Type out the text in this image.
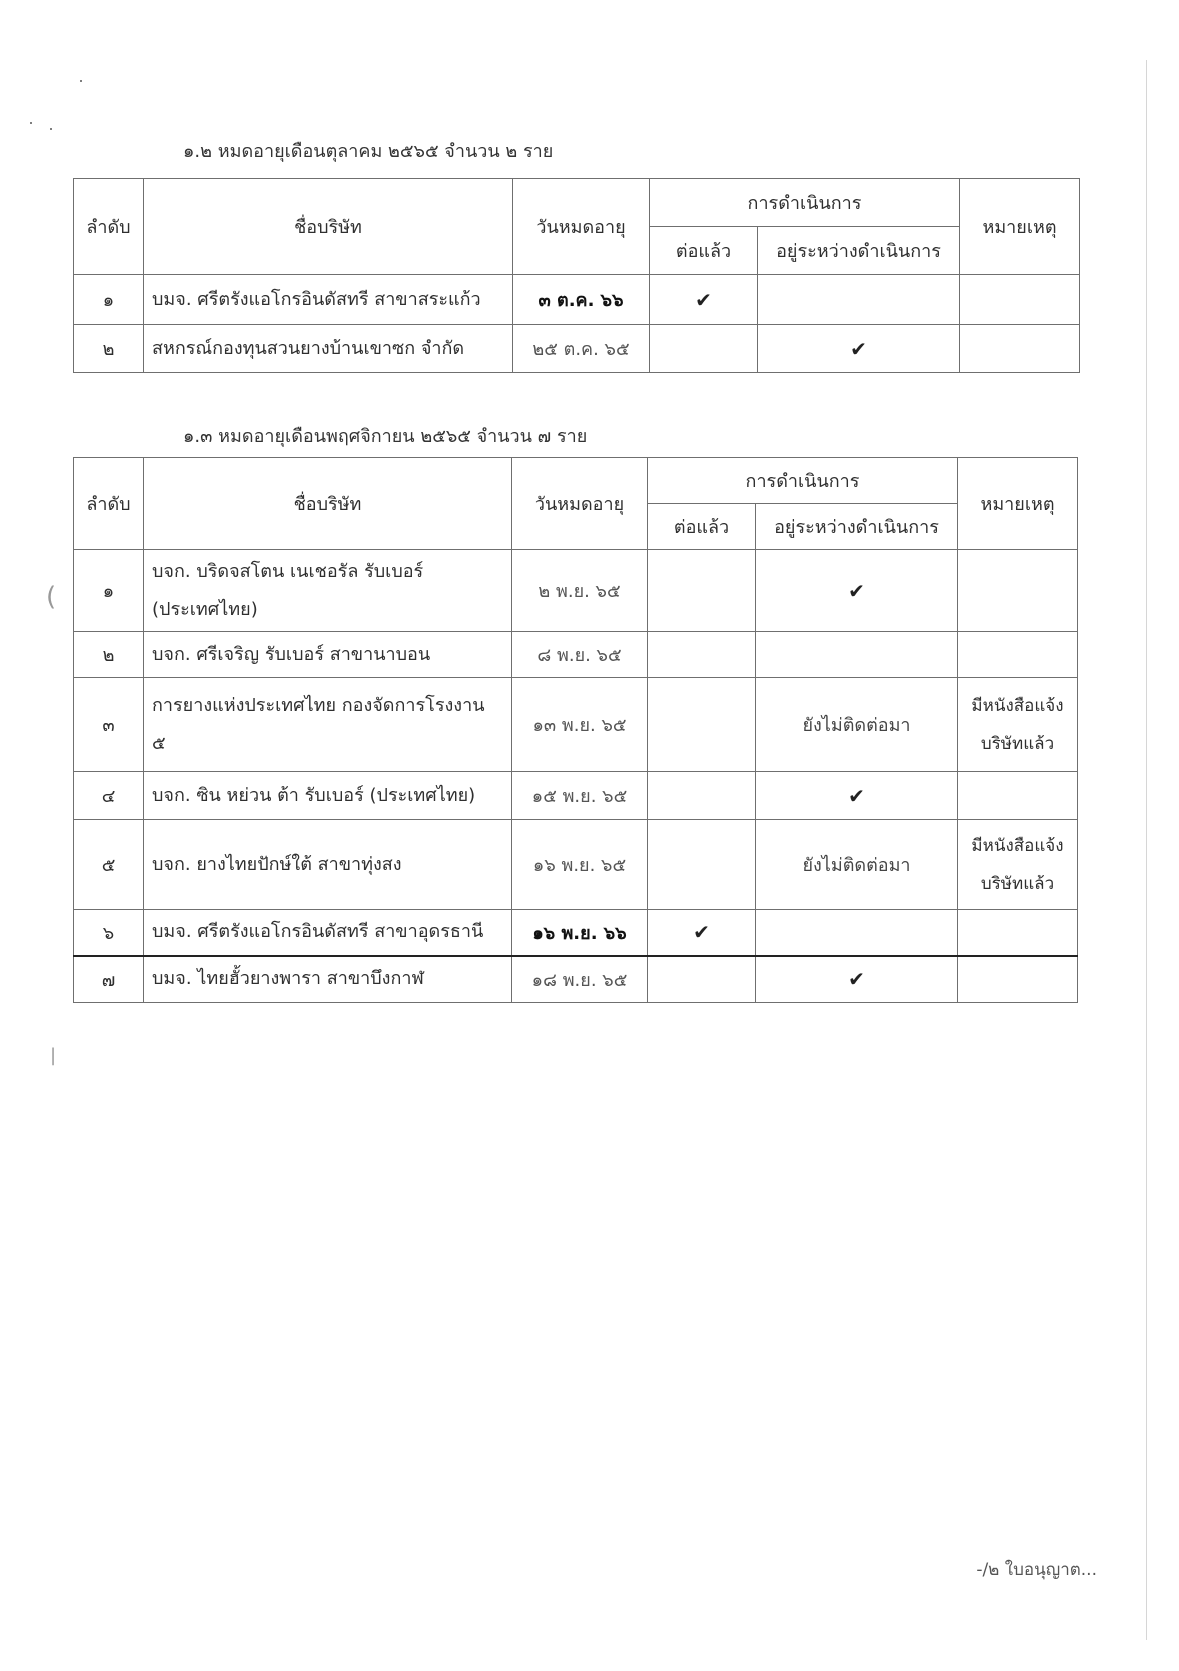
(
|
๑.๒ หมดอายุเดือนตุลาคม ๒๕๖๕ จำนวน ๒ ราย
ลำดับ	ชื่อบริษัท	วันหมดอายุ	การดำเนินการ		หมายเหตุ
			ต่อแล้ว	อยู่ระหว่างดำเนินการ	
๑	บมจ. ศรีตรังแอโกรอินดัสทรี สาขาสระแก้ว	๓ ต.ค. ๖๖	✔		
๒	สหกรณ์กองทุนสวนยางบ้านเขาซก จำกัด	๒๕ ต.ค. ๖๕		✔	
๑.๓ หมดอายุเดือนพฤศจิกายน ๒๕๖๕ จำนวน ๗ ราย
ลำดับ	ชื่อบริษัท	วันหมดอายุ	การดำเนินการ		หมายเหตุ
			ต่อแล้ว	อยู่ระหว่างดำเนินการ	
๑	บจก. บริดจสโตน เนเชอรัล รับเบอร์ (ประเทศไทย)	๒ พ.ย. ๖๕		✔	
๒	บจก. ศรีเจริญ รับเบอร์ สาขานาบอน	๘ พ.ย. ๖๕			
๓	การยางแห่งประเทศไทย กองจัดการโรงงาน ๕	๑๓ พ.ย. ๖๕		ยังไม่ติดต่อมา	มีหนังสือแจ้งบริษัทแล้ว
๔	บจก. ซิน หย่วน ต้า รับเบอร์ (ประเทศไทย)	๑๕ พ.ย. ๖๕		✔	
๕	บจก. ยางไทยปักษ์ใต้ สาขาทุ่งสง	๑๖ พ.ย. ๖๕		ยังไม่ติดต่อมา	มีหนังสือแจ้งบริษัทแล้ว
๖	บมจ. ศรีตรังแอโกรอินดัสทรี สาขาอุดรธานี	๑๖ พ.ย. ๖๖	✔		
๗	บมจ. ไทยฮั้วยางพารา สาขาบึงกาฬ	๑๘ พ.ย. ๖๕		✔	
-/๒ ใบอนุญาต...
